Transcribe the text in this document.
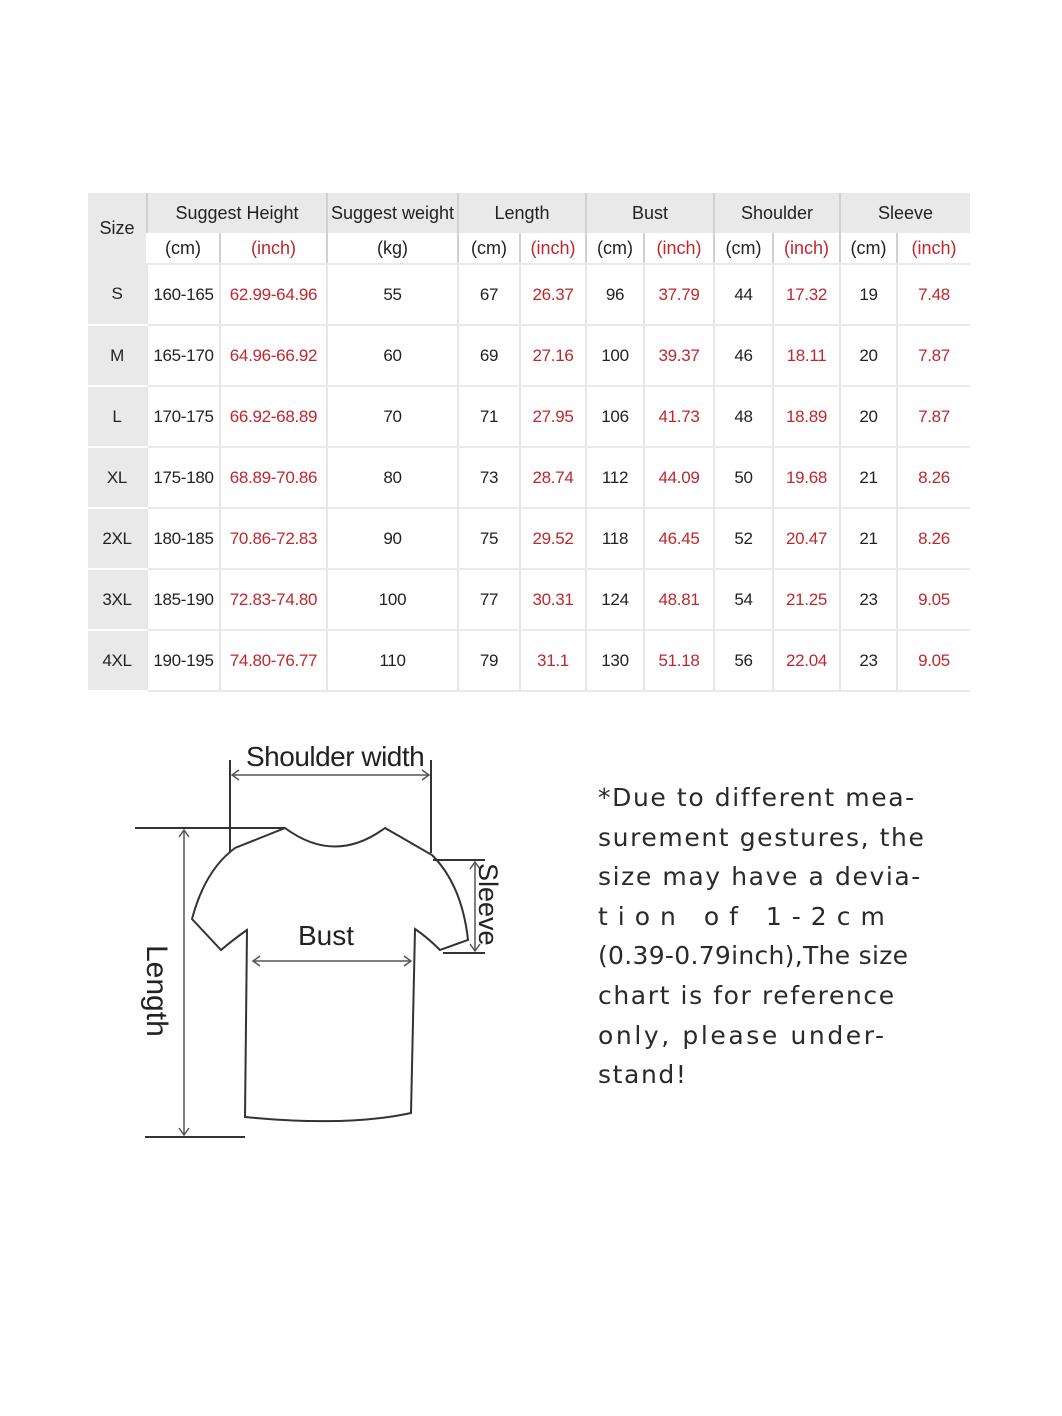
Size	Suggest Height		Suggest weight	Length		Bust		Shoulder		Sleeve	
	(cm)	(inch)	(kg)	(cm)	(inch)	(cm)	(inch)	(cm)	(inch)	(cm)	(inch)
S	160-165	62.99-64.96	55	67	26.37	96	37.79	44	17.32	19	7.48
M	165-170	64.96-66.92	60	69	27.16	100	39.37	46	18.11	20	7.87
L	170-175	66.92-68.89	70	71	27.95	106	41.73	48	18.89	20	7.87
XL	175-180	68.89-70.86	80	73	28.74	112	44.09	50	19.68	21	8.26
2XL	180-185	70.86-72.83	90	75	29.52	118	46.45	52	20.47	21	8.26
3XL	185-190	72.83-74.80	100	77	30.31	124	48.81	54	21.25	23	9.05
4XL	190-195	74.80-76.77	110	79	31.1	130	51.18	56	22.04	23	9.05
Shoulder width
Bust	Sleeve
Length
*Due to different mea-
surement gestures, the
size may have a devia-
tion of 1-2cm
(0.39-0.79inch),The size
chart is for reference
only, please under-
stand!
